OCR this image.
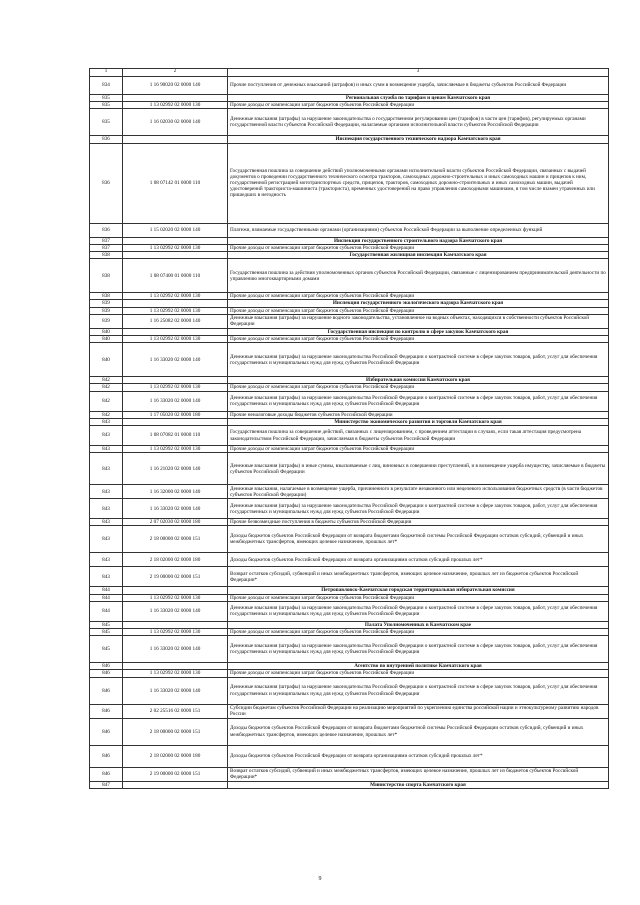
1	2	3
834	1 16 90020 02 0000 140	Прочие поступления от денежных взысканий (штрафов) и иных сумм в возмещение ущерба, зачисляемые в бюджеты субъектов Российской Федерации
835		Региональная служба по тарифам и ценам Камчатского края
835	1 13 02992 02 0000 130	Прочие доходы от компенсации затрат бюджетов субъектов Российской Федерации
835	1 16 02030 02 0000 140	Денежные взыскания (штрафы) за нарушение законодательства о государственном регулировании цен (тарифов) в части цен (тарифов), регулируемых органами государственной власти субъектов Российской Федерации, налагаемые органами исполнительной власти субъектов Российской Федерации
836		Инспекция государственного технического надзора Камчатского края
836	1 08 07142 01 0000 110	Государственная пошлина за совершение действий уполномоченными органами исполнительной власти субъектов Российской Федерации, связанных с выдачей документов о проведении государственного технического осмотра тракторов, самоходных дорожно-строительных и иных самоходных машин и прицепов к ним, государственной регистрацией мототранспортных средств, прицепов, тракторов, самоходных дорожно-строительных и иных самоходных машин, выдачей удостоверений тракториста-машиниста (тракториста), временных удостоверений на право управления самоходными машинами, в том числе взамен утраченных или пришедших в негодность
836	1 15 02020 02 0000 140	Платежи, взимаемые государственными органами (организациями) субъектов Российской Федерации за выполнение определенных функций
837		Инспекция государственного строительного надзора Камчатского края
837	1 13 02992 02 0000 130	Прочие доходы от компенсации затрат бюджетов субъектов Российской Федерации
838		Государственная жилищная инспекция Камчатского края
838	1 08 07400 01 0000 110	Государственная пошлина за действия уполномоченных органов субъектов Российской Федерации, связанные с лицензированием предпринимательской деятельности по управлению многоквартирными домами
838	1 13 02992 02 0000 130	Прочие доходы от компенсации затрат бюджетов субъектов Российской Федерации
839		Инспекция государственного экологического надзора Камчатского края
839	1 13 02992 02 0000 130	Прочие доходы от компенсации затрат бюджетов субъектов Российской Федерации
839	1 16 25082 02 0000 140	Денежные взыскания (штрафы) за нарушение водного законодательства, установленное на водных объектах, находящихся в собственности субъектов Российской Федерации
840		Государственная инспекция по контролю в сфере закупок Камчатского края
840	1 13 02992 02 0000 130	Прочие доходы от компенсации затрат бюджетов субъектов Российской Федерации
840	1 16 33020 02 0000 140	Денежные взыскания (штрафы) за нарушение законодательства Российской Федерации о контрактной системе в сфере закупок товаров, работ, услуг для обеспечения государственных и муниципальных нужд для нужд субъектов Российской Федерации
842		Избирательная комиссия Камчатского края
842	1 13 02992 02 0000 130	Прочие доходы от компенсации затрат бюджетов субъектов Российской Федерации
842	1 16 33020 02 0000 140	Денежные взыскания (штрафы) за нарушение законодательства Российской Федерации о контрактной системе в сфере закупок товаров, работ, услуг для обеспечения государственных и муниципальных нужд для нужд субъектов Российской Федерации
842	1 17 05020 02 0000 180	Прочие неналоговые доходы бюджетов субъектов Российской Федерации
843		Министерство экономического развития и торговли Камчатского края
843	1 08 07082 01 0000 110	Государственная пошлина за совершение действий, связанных с лицензированием, с проведением аттестации в случаях, если такая аттестация предусмотрена законодательством Российской Федерации, зачисляемая в бюджеты субъектов Российской Федерации
843	1 13 02992 02 0000 130	Прочие доходы от компенсации затрат бюджетов субъектов Российской Федерации
843	1 16 21020 02 0000 140	Денежные взыскания (штрафы) и иные суммы, взыскиваемые с лиц, виновных в совершении преступлений, и в возмещение ущерба имуществу, зачисляемые в бюджеты субъектов Российской Федерации
843	1 16 32000 02 0000 140	Денежные взыскания, налагаемые в возмещение ущерба, причиненного в результате незаконного или нецелевого использования бюджетных средств (в части бюджетов субъектов Российской Федерации)
843	1 16 33020 02 0000 140	Денежные взыскания (штрафы) за нарушение законодательства Российской Федерации о контрактной системе в сфере закупок товаров, работ, услуг для обеспечения государственных и муниципальных нужд для нужд субъектов Российской Федерации
843	2 07 02030 02 0000 180	Прочие безвозмездные поступления в бюджеты субъектов Российской Федерации
843	2 18 00000 02 0000 151	Доходы бюджетов субъектов Российской Федерации от возврата бюджетами бюджетной системы Российской Федерации остатков субсидий, субвенций и иных межбюджетных трансфертов, имеющих целевое назначение, прошлых лет*
843	2 18 02000 02 0000 180	Доходы бюджетов субъектов Российской Федерации от возврата организациями остатков субсидий прошлых лет*
843	2 19 00000 02 0000 151	Возврат остатков субсидий, субвенций и иных межбюджетных трансфертов, имеющих целевое назначение, прошлых лет из бюджетов субъектов Российской Федерации*
844		Петропавловск-Камчатская городская территориальная избирательная комиссия
844	1 13 02992 02 0000 130	Прочие доходы от компенсации затрат бюджетов субъектов Российской Федерации
844	1 16 33020 02 0000 140	Денежные взыскания (штрафы) за нарушение законодательства Российской Федерации о контрактной системе в сфере закупок товаров, работ, услуг для обеспечения государственных и муниципальных нужд для нужд субъектов Российской Федерации
845		Палата Уполномоченных в Камчатском крае
845	1 13 02992 02 0000 130	Прочие доходы от компенсации затрат бюджетов субъектов Российской Федерации
845	1 16 33020 02 0000 140	Денежные взыскания (штрафы) за нарушение законодательства Российской Федерации о контрактной системе в сфере закупок товаров, работ, услуг для обеспечения государственных и муниципальных нужд для нужд субъектов Российской Федерации
846		Агентство по внутренней политике Камчатского края
846	1 13 02992 02 0000 130	Прочие доходы от компенсации затрат бюджетов субъектов Российской Федерации
846	1 16 33020 02 0000 140	Денежные взыскания (штрафы) за нарушение законодательства Российской Федерации о контрактной системе в сфере закупок товаров, работ, услуг для обеспечения государственных и муниципальных нужд для нужд субъектов Российской Федерации
846	2 02 25516 02 0000 151	Субсидии бюджетам субъектов Российской Федерации на реализацию мероприятий по укреплению единства российской нации и этнокультурному развитию народов России
846	2 18 00000 02 0000 151	Доходы бюджетов субъектов Российской Федерации от возврата бюджетами бюджетной системы Российской Федерации остатков субсидий, субвенций и иных межбюджетных трансфертов, имеющих целевое назначение, прошлых лет*
846	2 18 02000 02 0000 180	Доходы бюджетов субъектов Российской Федерации от возврата организациями остатков субсидий прошлых лет*
846	2 19 00000 02 0000 151	Возврат остатков субсидий, субвенций и иных межбюджетных трансфертов, имеющих целевое назначение, прошлых лет из бюджетов субъектов Российской Федерации*
847		Министерство спорта Камчатского края
9
